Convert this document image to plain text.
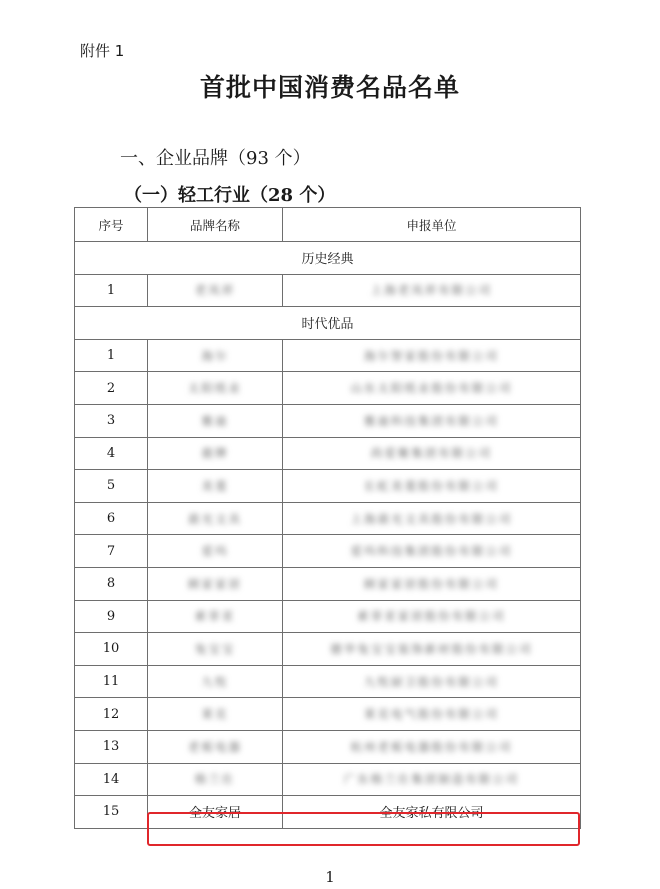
附件 1
首批中国消费名品名单
一、企业品牌（93 个）
（一）轻工行业（28 个）
序号	品牌名称	申报单位
历史经典		
1	老凤祥	上海老凤祥有限公司
时代优品		
1	海尔	海尔智家股份有限公司
2	太阳纸业	山东太阳纸业股份有限公司
3	雅迪	雅迪科技集团有限公司
4	鹿牌	尚爱聚集团有限公司
5	美菱	长虹美菱股份有限公司
6	晨光文具	上海晨光文具股份有限公司
7	爱玛	爱玛科技集团股份有限公司
8	顾家家居	顾家家居股份有限公司
9	索菲亚	索菲亚家居股份有限公司
10	兔宝宝	德华兔宝宝装饰新材股份有限公司
11	九牧	九牧厨卫股份有限公司
12	莱克	莱克电气股份有限公司
13	老板电器	杭州老板电器股份有限公司
14	格兰仕	广东格兰仕集团制造有限公司
15	全友家居	全友家私有限公司
1
